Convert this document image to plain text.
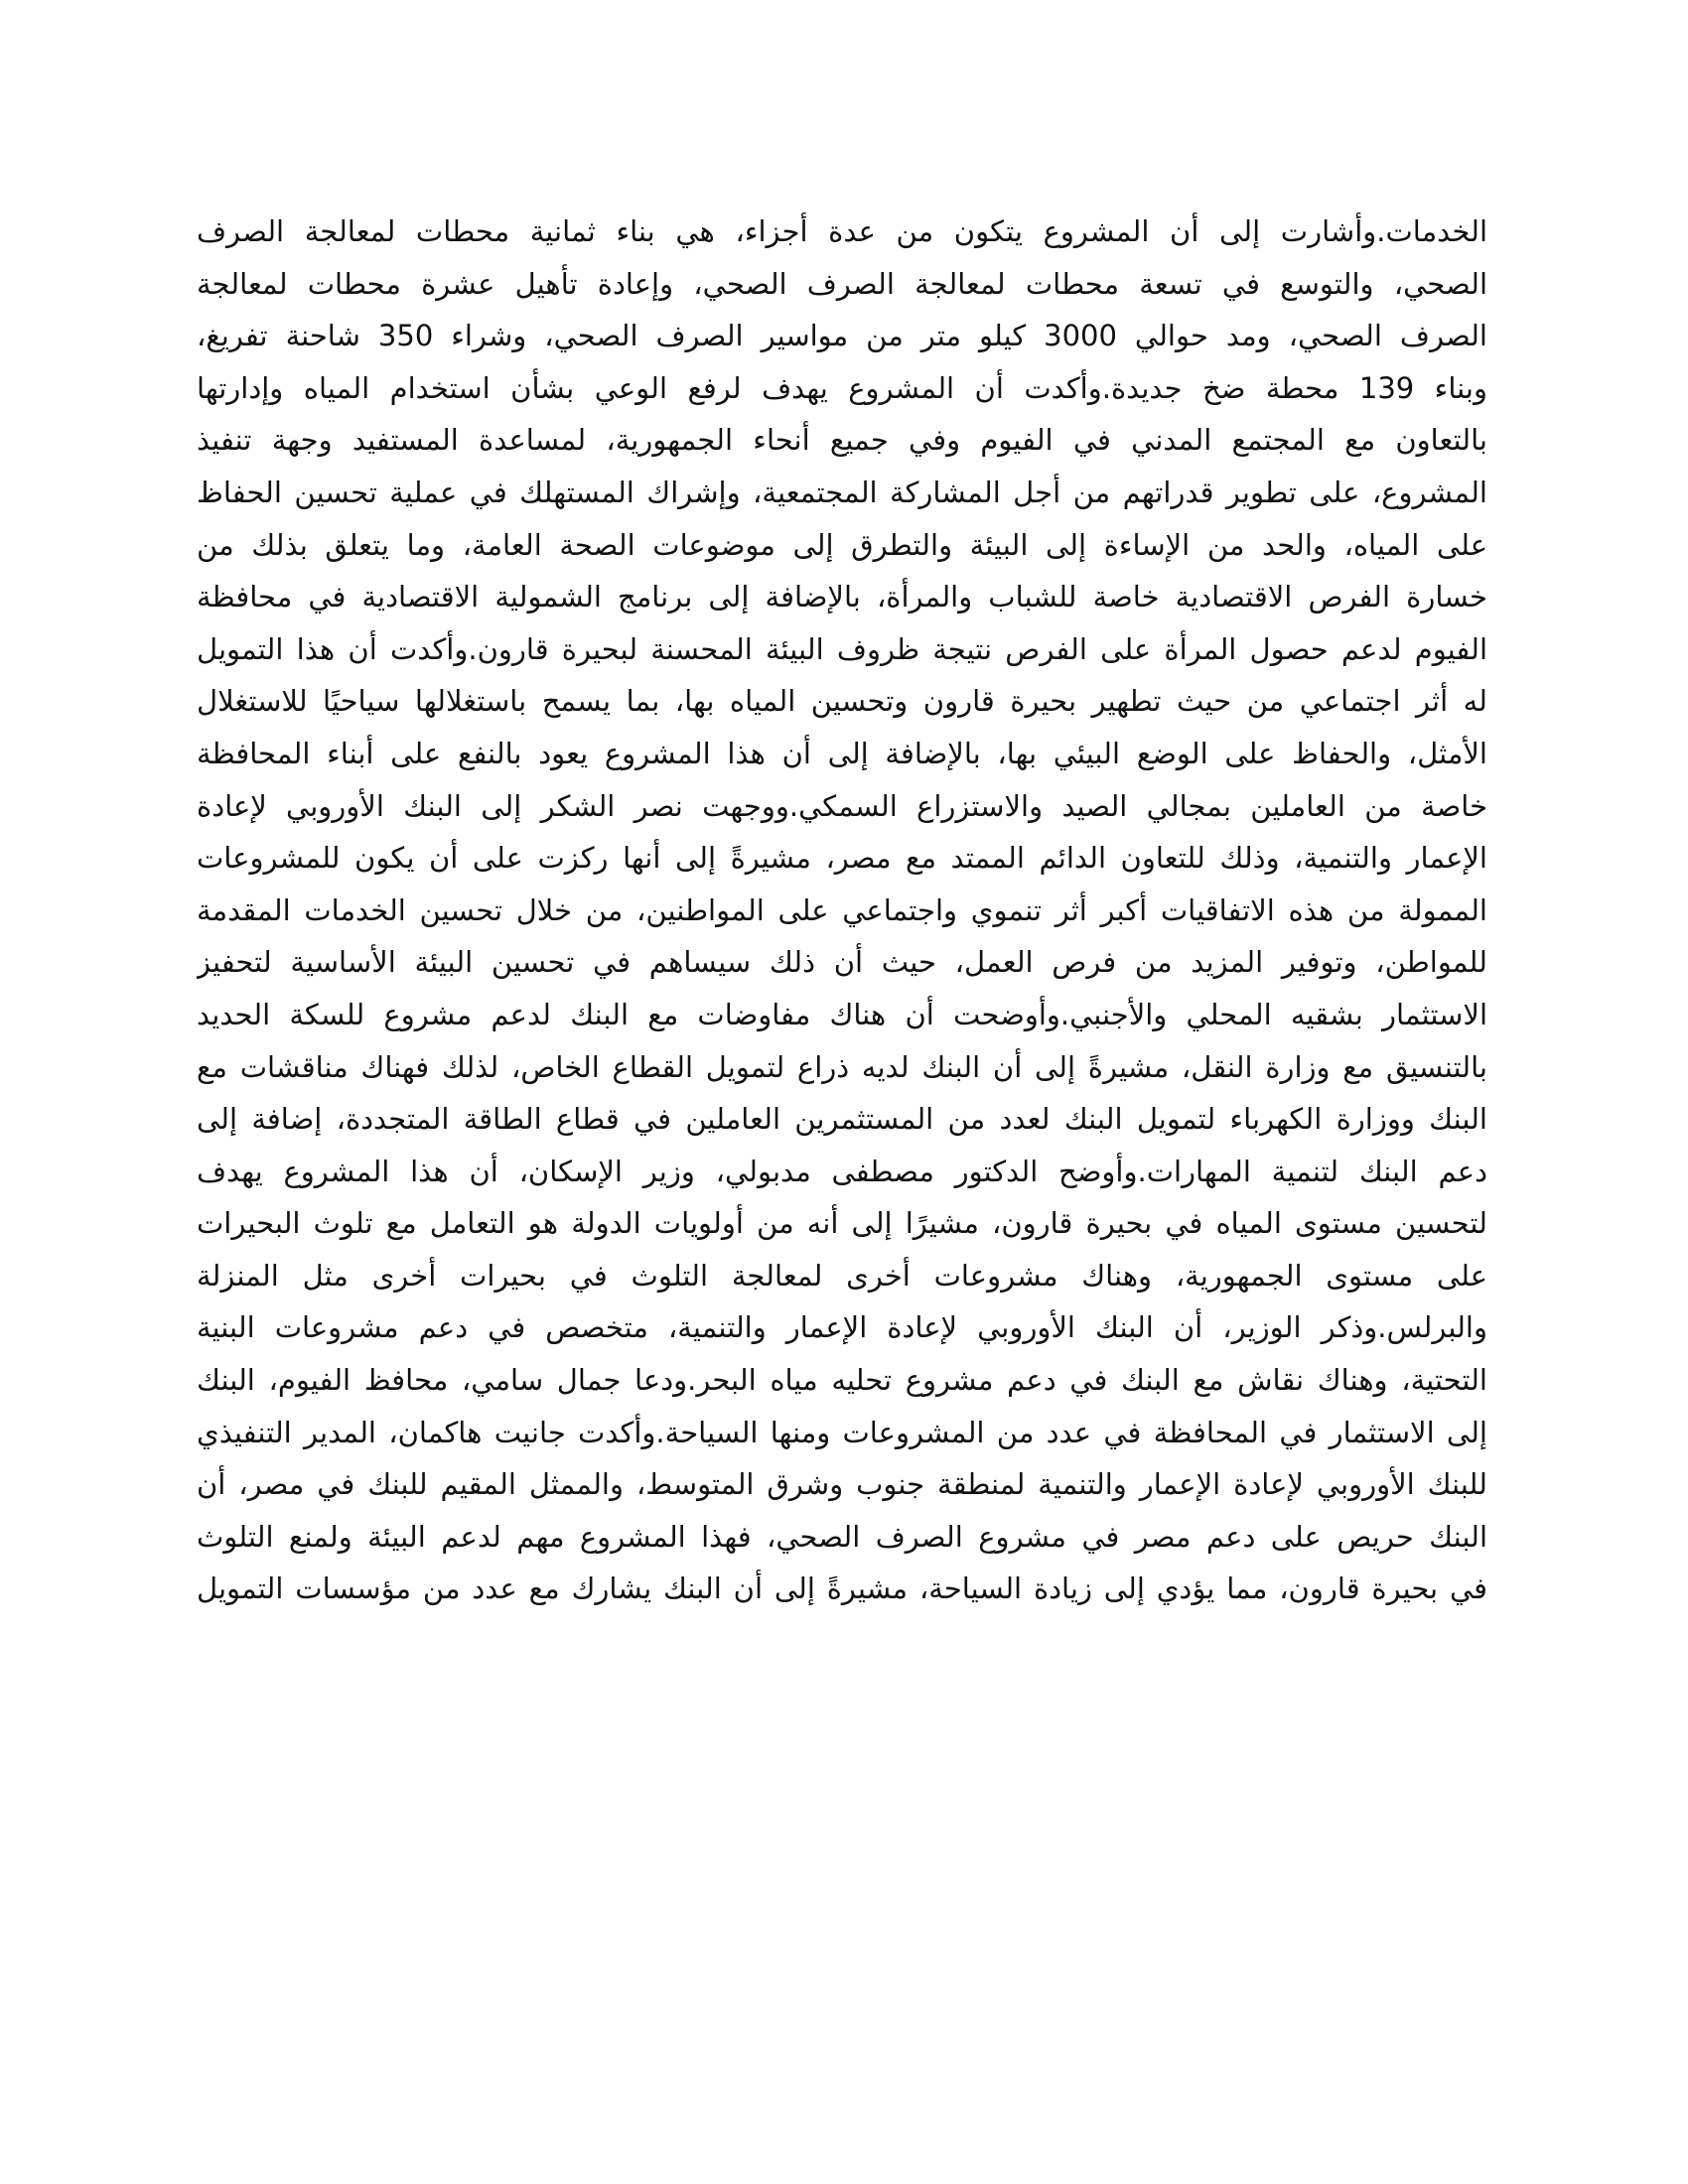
الخدمات.وأشارت إلى أن المشروع يتكون من عدة أجزاء، هي بناء ثمانية محطات لمعالجة الصرف
الصحي، والتوسع في تسعة محطات لمعالجة الصرف الصحي، وإعادة تأهيل عشرة محطات لمعالجة
الصرف الصحي، ومد حوالي 3000 كيلو متر من مواسير الصرف الصحي، وشراء 350 شاحنة تفريغ،
وبناء 139 محطة ضخ جديدة.وأكدت أن المشروع يهدف لرفع الوعي بشأن استخدام المياه وإدارتها
بالتعاون مع المجتمع المدني في الفيوم وفي جميع أنحاء الجمهورية، لمساعدة المستفيد وجهة تنفيذ
المشروع، على تطوير قدراتهم من أجل المشاركة المجتمعية، وإشراك المستهلك في عملية تحسين الحفاظ
على المياه، والحد من الإساءة إلى البيئة والتطرق إلى موضوعات الصحة العامة، وما يتعلق بذلك من
خسارة الفرص الاقتصادية خاصة للشباب والمرأة، بالإضافة إلى برنامج الشمولية الاقتصادية في محافظة
الفيوم لدعم حصول المرأة على الفرص نتيجة ظروف البيئة المحسنة لبحيرة قارون.وأكدت أن هذا التمويل
له أثر اجتماعي من حيث تطهير بحيرة قارون وتحسين المياه بها، بما يسمح باستغلالها سياحيًا للاستغلال
الأمثل، والحفاظ على الوضع البيئي بها، بالإضافة إلى أن هذا المشروع يعود بالنفع على أبناء المحافظة
خاصة من العاملين بمجالي الصيد والاستزراع السمكي.ووجهت نصر الشكر إلى البنك الأوروبي لإعادة
الإعمار والتنمية، وذلك للتعاون الدائم الممتد مع مصر، مشيرةً إلى أنها ركزت على أن يكون للمشروعات
الممولة من هذه الاتفاقيات أكبر أثر تنموي واجتماعي على المواطنين، من خلال تحسين الخدمات المقدمة
للمواطن، وتوفير المزيد من فرص العمل، حيث أن ذلك سيساهم في تحسين البيئة الأساسية لتحفيز
الاستثمار بشقيه المحلي والأجنبي.وأوضحت أن هناك مفاوضات مع البنك لدعم مشروع للسكة الحديد
بالتنسيق مع وزارة النقل، مشيرةً إلى أن البنك لديه ذراع لتمويل القطاع الخاص، لذلك فهناك مناقشات مع
البنك ووزارة الكهرباء لتمويل البنك لعدد من المستثمرين العاملين في قطاع الطاقة المتجددة، إضافة إلى
دعم البنك لتنمية المهارات.وأوضح الدكتور مصطفى مدبولي، وزير الإسكان، أن هذا المشروع يهدف
لتحسين مستوى المياه في بحيرة قارون، مشيرًا إلى أنه من أولويات الدولة هو التعامل مع تلوث البحيرات
على مستوى الجمهورية، وهناك مشروعات أخرى لمعالجة التلوث في بحيرات أخرى مثل المنزلة
والبرلس.وذكر الوزير، أن البنك الأوروبي لإعادة الإعمار والتنمية، متخصص في دعم مشروعات البنية
التحتية، وهناك نقاش مع البنك في دعم مشروع تحليه مياه البحر.ودعا جمال سامي، محافظ الفيوم، البنك
إلى الاستثمار في المحافظة في عدد من المشروعات ومنها السياحة.وأكدت جانيت هاكمان، المدير التنفيذي
للبنك الأوروبي لإعادة الإعمار والتنمية لمنطقة جنوب وشرق المتوسط، والممثل المقيم للبنك في مصر، أن
البنك حريص على دعم مصر في مشروع الصرف الصحي، فهذا المشروع مهم لدعم البيئة ولمنع التلوث
في بحيرة قارون، مما يؤدي إلى زيادة السياحة، مشيرةً إلى أن البنك يشارك مع عدد من مؤسسات التمويل
